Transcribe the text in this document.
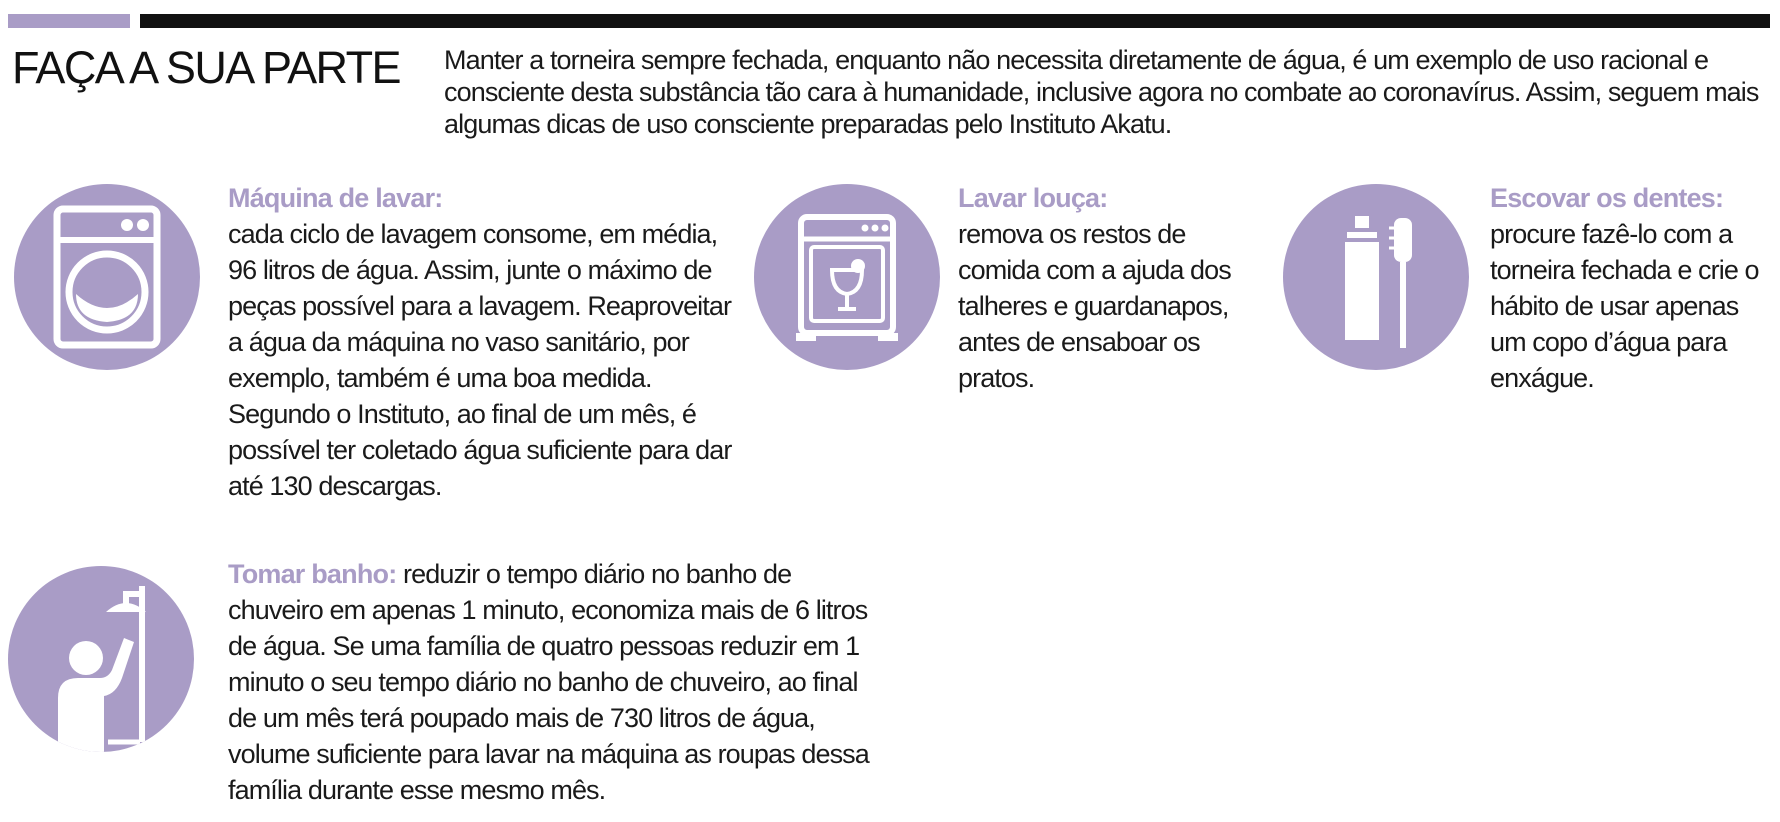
FAÇA A SUA PARTE Manter a torneira sempre fechada, enquanto não necessita diretamente de água, é um exemplo de uso racional e consciente desta substância tão cara à humanidade, inclusive agora no combate ao coronavírus. Assim, seguem mais algumas dicas de uso consciente preparadas pelo Instituto Akatu.
Máquina de lavar:
cada ciclo de lavagem consome, em média, 96 litros de água. Assim, junte o máximo de peças possível para a lavagem. Reaproveitar a água da máquina no vaso sanitário, por exemplo, também é uma boa medida. Segundo o Instituto, ao final de um mês, é possível ter coletado água suficiente para dar até 130 descargas.
Lavar louça:
remova os restos de comida com a ajuda dos talheres e guardanapos, antes de ensaboar os pratos.
Escovar os dentes:
procure fazê-lo com a torneira fechada e crie o hábito de usar apenas um copo d’água para enxágue.
Tomar banho: reduzir o tempo diário no banho de chuveiro em apenas 1 minuto, economiza mais de 6 litros de água. Se uma família de quatro pessoas reduzir em 1 minuto o seu tempo diário no banho de chuveiro, ao final de um mês terá poupado mais de 730 litros de água, volume suficiente para lavar na máquina as roupas dessa família durante esse mesmo mês.
